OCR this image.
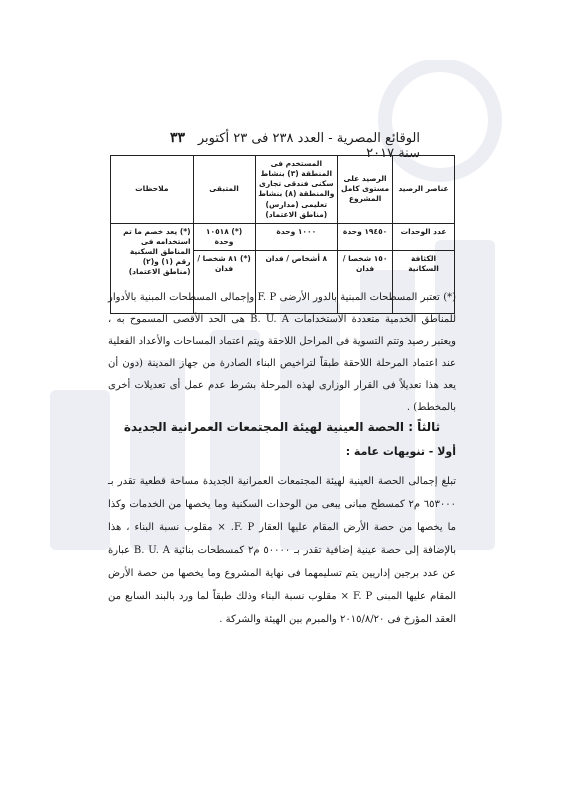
الوقائع المصرية - العدد ٢٣٨ فى ٢٣ أكتوبر سنة ٢٠١٧
٣٣
عناصر الرصيد	الرصيد على مستوى كامل المشروع	المستخدم فى المنطقة (٣) بنشاط سكنى فندقى تجارى والمنطقة (٨) بنشاط تعليمى (مدارس) (مناطق الاعتماد)	المتبقى	ملاحظات
عدد الوحدات	١٩٤٥٠ وحدة	١٠٠٠ وحدة	(*) ١٠٥١٨ وحدة	(*) يعد خصم ما تم استخدامه فى المناطق السكنية رقم (١) و(٢) (مناطق الاعتماد)
الكثافة السكانية	١٥٠ شخصا / فدان	٨ أشخاص / فدان	(*) ٨١ شخصا / فدان	

(*) تعتبر المسطحات المبنية بالدور الأرضى F. P وإجمالى المسطحات المبنية بالأدوار للمناطق الخدمية متعددة الاستخدامات B. U. A هى الحد الأقصى المسموح به ، ويعتبر رصيد وتتم التسوية فى المراحل اللاحقة ويتم اعتماد المساحات والأعداد الفعلية عند اعتماد المرحلة اللاحقة طبقاً لتراخيص البناء الصادرة من جهاز المدينة (دون أن يعد هذا تعديلاً فى القرار الوزارى لهذه المرحلة بشرط عدم عمل أى تعديلات أخرى بالمخطط) .

ثالثاً : الحصة العينية لهيئة المجتمعات العمرانية الجديدة
أولا - تنويهات عامة :

تبلغ إجمالى الحصة العينية لهيئة المجتمعات العمرانية الجديدة مساحة قطعية تقدر بـ ٦٥٣٠٠٠ م٢ كمسطح مبانى يبعى من الوحدات السكنية وما يخصها من الخدمات وكذا ما يخصها من حصة الأرض المقام عليها العقار F. P. × مقلوب نسبة البناء ، هذا بالإضافة إلى حصة عينية إضافية تقدر بـ ٥٠٠٠٠ م٢ كمسطحات بنائية B. U. A عبارة عن عدد برجين إداريين يتم تسليمهما فى نهاية المشروع وما يخصها من حصة الأرض المقام عليها المبنى F. P × مقلوب نسبة البناء وذلك طبقاً لما ورد بالبند السابع من العقد المؤرخ فى ٢٠١٥/٨/٢٠ والمبرم بين الهيئة والشركة .
